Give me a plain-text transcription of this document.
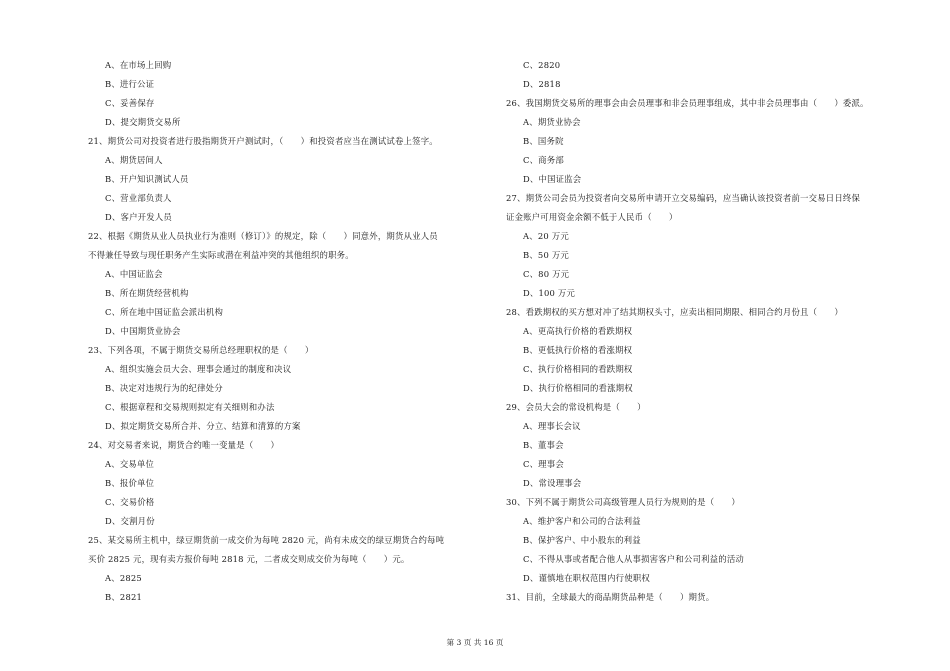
A、在市场上回购
B、进行公证
C、妥善保存
D、提交期货交易所
21、期货公司对投资者进行股指期货开户测试时，（　　）和投资者应当在测试试卷上签字。
A、期货居间人
B、开户知识测试人员
C、营业部负责人
D、客户开发人员
22、根据《期货从业人员执业行为准则（修订）》的规定，除（　　）同意外，期货从业人员
不得兼任导致与现任职务产生实际或潜在利益冲突的其他组织的职务。
A、中国证监会
B、所在期货经营机构
C、所在地中国证监会派出机构
D、中国期货业协会
23、下列各项，不属于期货交易所总经理职权的是（　　）
A、组织实施会员大会、理事会通过的制度和决议
B、决定对违规行为的纪律处分
C、根据章程和交易规则拟定有关细则和办法
D、拟定期货交易所合并、分立、结算和清算的方案
24、对交易者来说，期货合约唯一变量是（　　）
A、交易单位
B、报价单位
C、交易价格
D、交割月份
25、某交易所主机中，绿豆期货前一成交价为每吨 2820 元，尚有未成交的绿豆期货合约每吨
买价 2825 元，现有卖方报价每吨 2818 元，二者成交则成交价为每吨（　　）元。
A、2825
B、2821
C、2820
D、2818
26、我国期货交易所的理事会由会员理事和非会员理事组成，其中非会员理事由（　　）委派。
A、期货业协会
B、国务院
C、商务部
D、中国证监会
27、期货公司会员为投资者向交易所申请开立交易编码，应当确认该投资者前一交易日日终保
证金账户可用资金余额不低于人民币（　　）
A、20 万元
B、50 万元
C、80 万元
D、100 万元
28、看跌期权的买方想对冲了结其期权头寸，应卖出相同期限、相同合约月份且（　　）
A、更高执行价格的看跌期权
B、更低执行价格的看涨期权
C、执行价格相同的看跌期权
D、执行价格相同的看涨期权
29、会员大会的常设机构是（　　）
A、理事长会议
B、董事会
C、理事会
D、常设理事会
30、下列不属于期货公司高级管理人员行为规则的是（　　）
A、维护客户和公司的合法利益
B、保护客户、中小股东的利益
C、不得从事或者配合他人从事损害客户和公司利益的活动
D、谨慎地在职权范围内行使职权
31、目前，全球最大的商品期货品种是（　　）期货。
第 3 页 共 16 页
